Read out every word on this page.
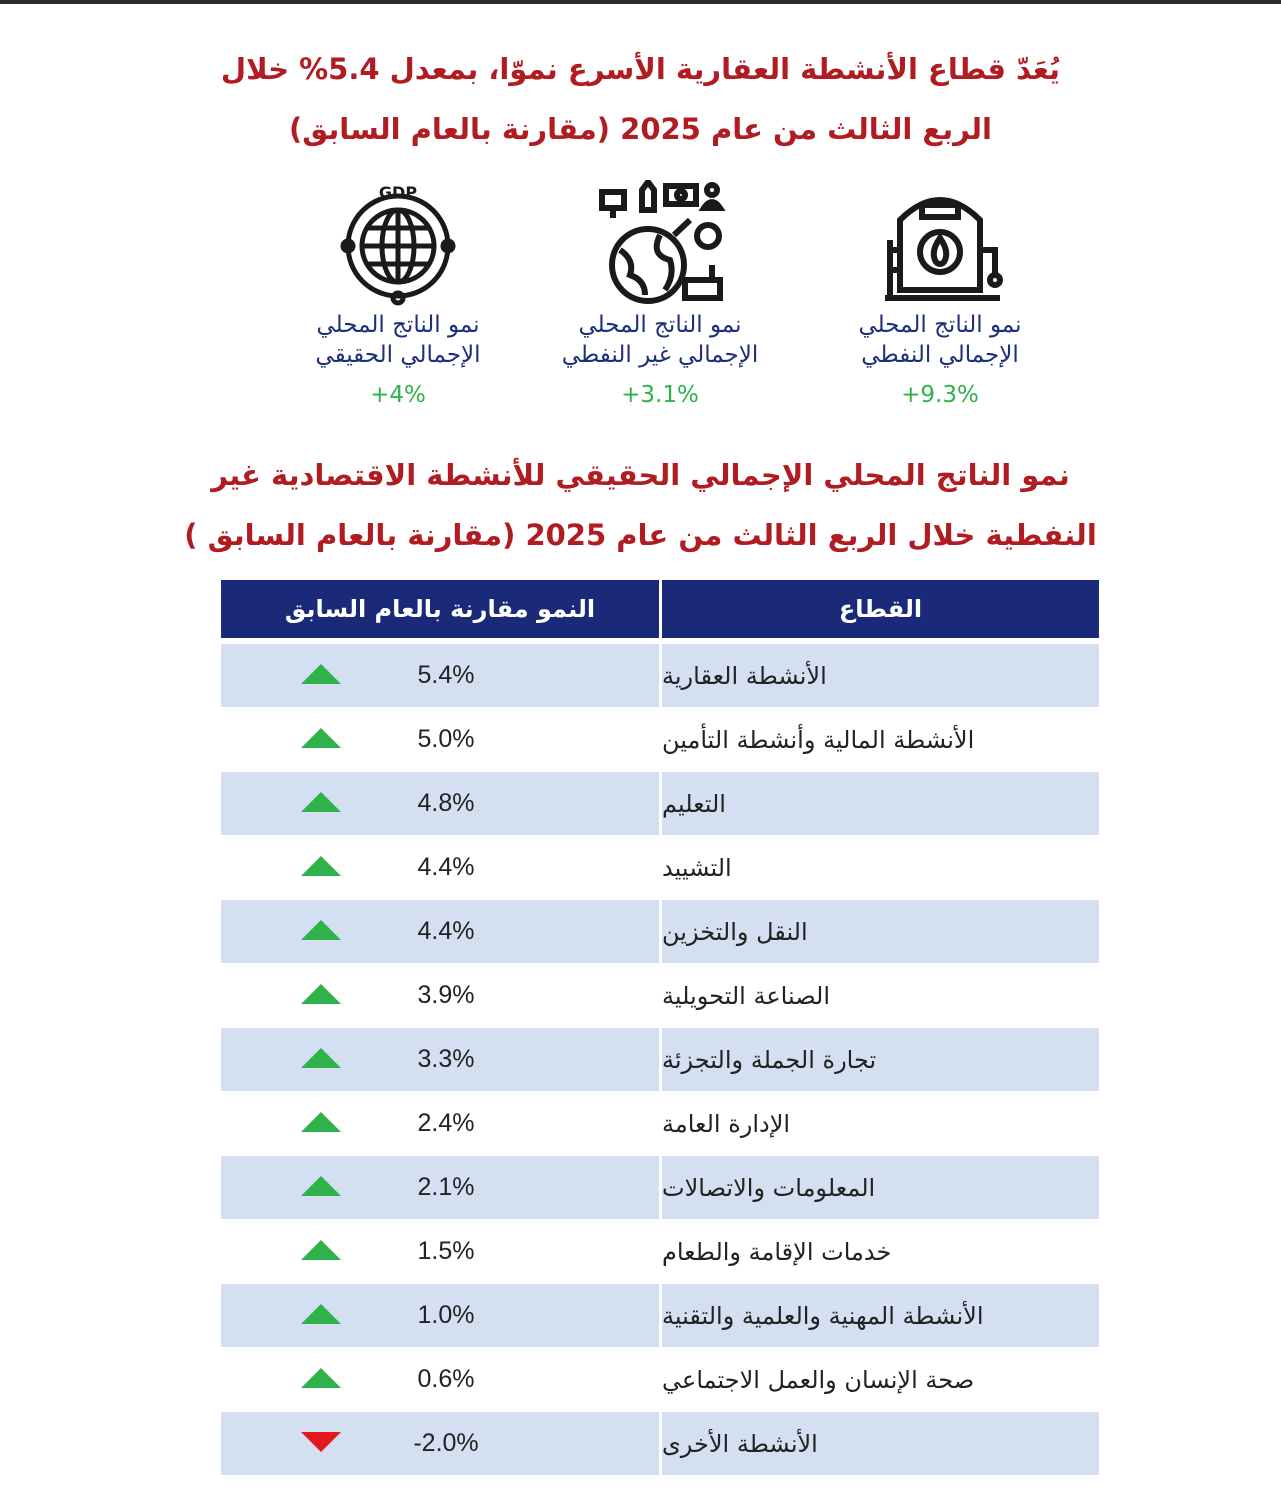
يُعَدّ قطاع الأنشطة العقارية الأسرع نموّا، بمعدل 5.4% خلال
الربع الثالث من عام 2025 (مقارنة بالعام السابق)
نمو الناتج المحلي
الإجمالي النفطي
+9.3%
نمو الناتج المحلي
الإجمالي غير النفطي
+3.1%
GDP
نمو الناتج المحلي
الإجمالي الحقيقي
+4%
نمو الناتج المحلي الإجمالي الحقيقي للأنشطة الاقتصادية غير
النفطية خلال الربع الثالث من عام 2025 (مقارنة بالعام السابق )
النمو مقارنة بالعام السابق	القطاع
5.4%	الأنشطة العقارية
5.0%	الأنشطة المالية وأنشطة التأمين
4.8%	التعليم
4.4%	التشييد
4.4%	النقل والتخزين
3.9%	الصناعة التحويلية
3.3%	تجارة الجملة والتجزئة
2.4%	الإدارة العامة
2.1%	المعلومات والاتصالات
1.5%	خدمات الإقامة والطعام
1.0%	الأنشطة المهنية والعلمية والتقنية
0.6%	صحة الإنسان والعمل الاجتماعي
-2.0%	الأنشطة الأخرى
